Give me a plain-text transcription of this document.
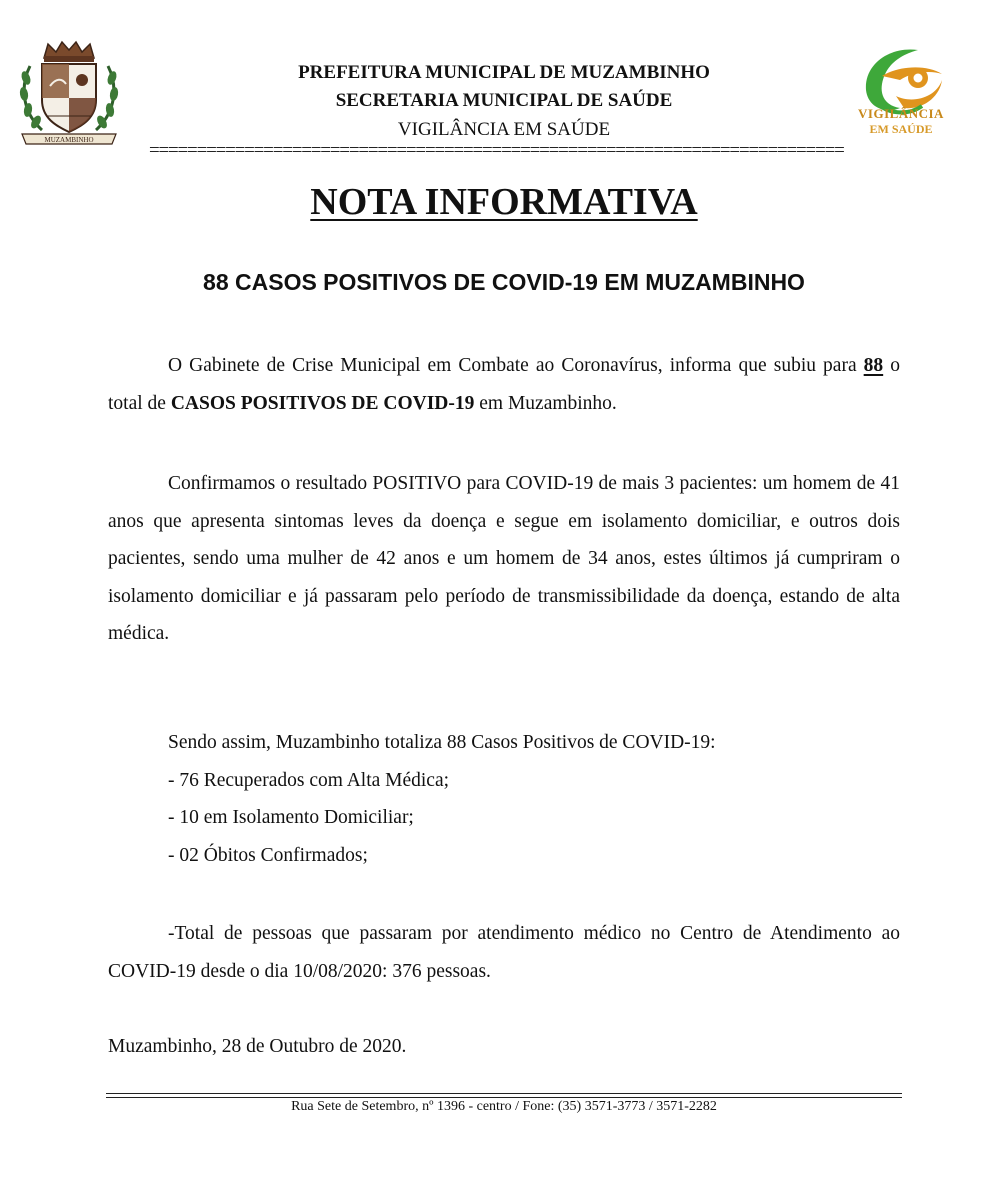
MUZAMBINHO
VIGILÂNCIA
EM SAÚDE
PREFEITURA MUNICIPAL DE MUZAMBINHO
SECRETARIA MUNICIPAL DE SAÚDE
VIGILÂNCIA EM SAÚDE
=========================================================================
NOTA INFORMATIVA
88 CASOS POSITIVOS DE COVID-19 EM MUZAMBINHO
O Gabinete de Crise Municipal em Combate ao Coronavírus, informa que subiu para 88 o total de CASOS POSITIVOS DE COVID-19 em Muzambinho.
Confirmamos o resultado POSITIVO para COVID-19 de mais 3 pacientes: um homem de 41 anos que apresenta sintomas leves da doença e segue em isolamento domiciliar, e outros dois pacientes, sendo uma mulher de 42 anos e um homem de 34 anos, estes últimos já cumpriram o isolamento domiciliar e já passaram pelo período de transmissibilidade da doença, estando de alta médica.
Sendo assim, Muzambinho totaliza 88 Casos Positivos de COVID-19:
- 76 Recuperados com Alta Médica;
- 10 em Isolamento Domiciliar;
- 02 Óbitos Confirmados;
-Total de pessoas que passaram por atendimento médico no Centro de Atendimento ao COVID-19 desde o dia 10/08/2020: 376 pessoas.
Muzambinho, 28 de Outubro de 2020.
Rua Sete de Setembro, nº 1396 - centro / Fone: (35) 3571-3773 / 3571-2282
